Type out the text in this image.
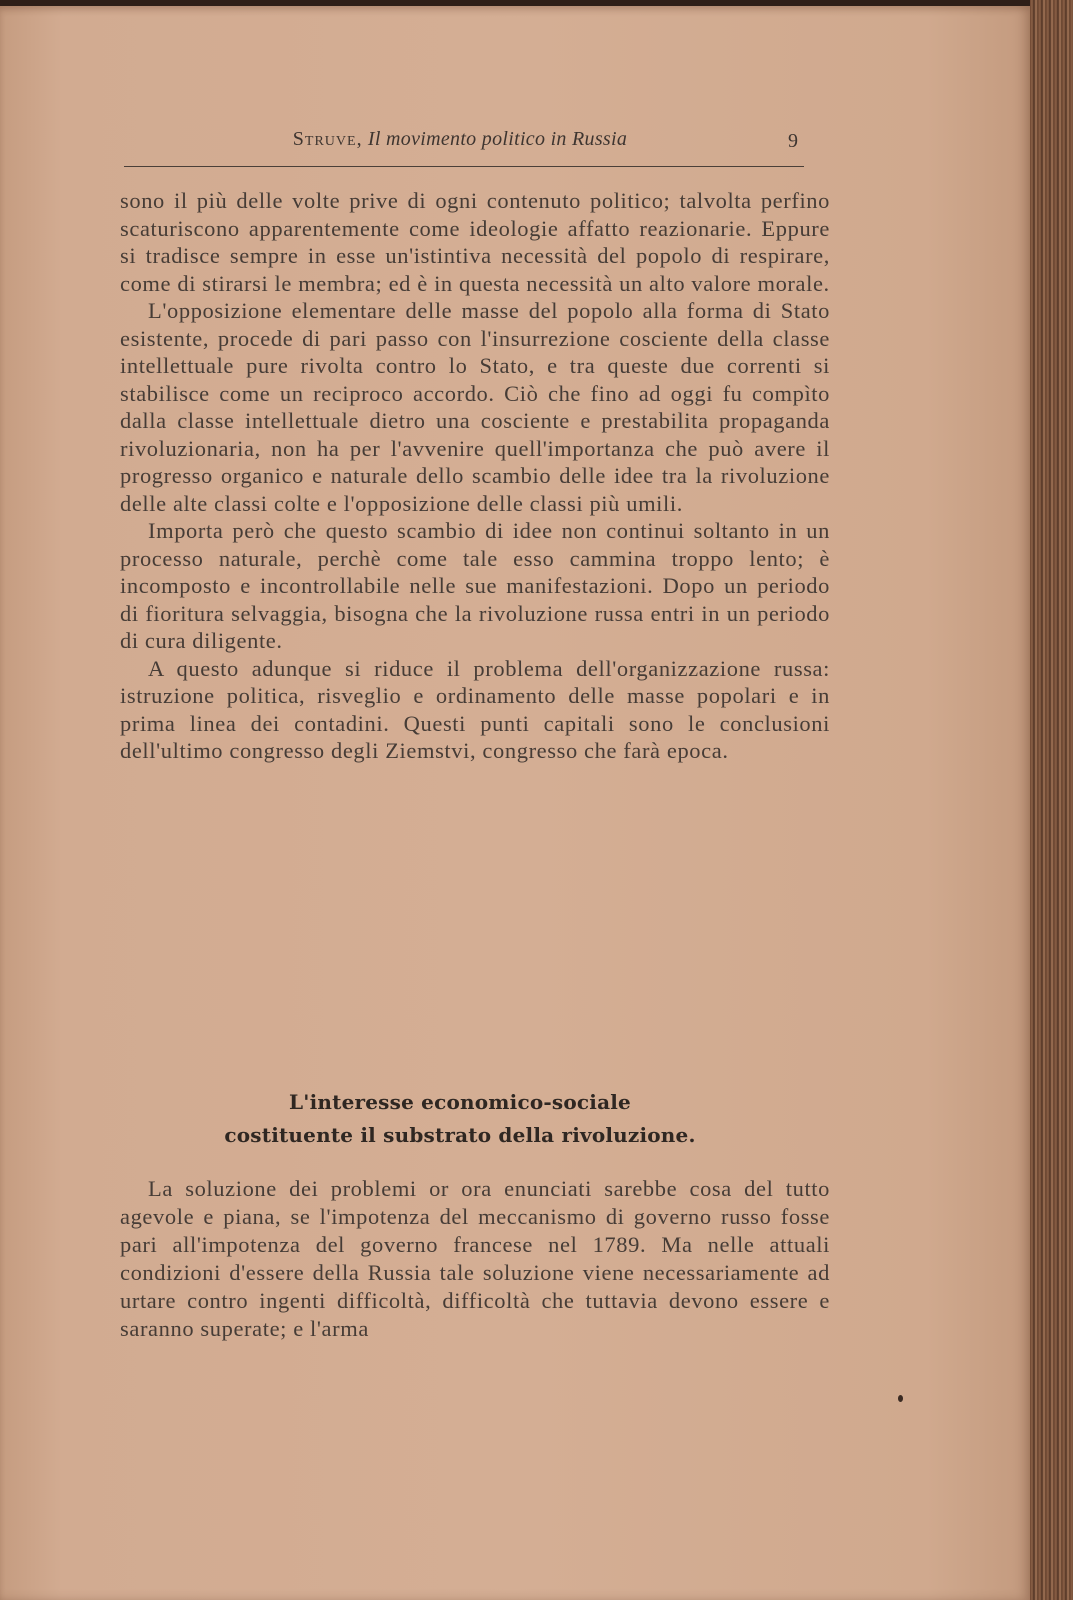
Struve, Il movimento politico in Russia	9

sono il più delle volte prive di ogni contenuto politico; talvolta perfino scaturiscono apparentemente come ideologie affatto reazionarie. Eppure si tradisce sempre in esse un'istintiva necessità del popolo di respirare, come di stirarsi le membra; ed è in questa necessità un alto valore morale.

L'opposizione elementare delle masse del popolo alla forma di Stato esistente, procede di pari passo con l'insurrezione cosciente della classe intellettuale pure rivolta contro lo Stato, e tra queste due correnti si stabilisce come un reciproco accordo. Ciò che fino ad oggi fu compìto dalla classe intellettuale dietro una cosciente e prestabilita propaganda rivoluzionaria, non ha per l'avvenire quell'importanza che può avere il progresso organico e naturale dello scambio delle idee tra la rivoluzione delle alte classi colte e l'opposizione delle classi più umili.

Importa però che questo scambio di idee non continui soltanto in un processo naturale, perchè come tale esso cammina troppo lento; è incomposto e incontrollabile nelle sue manifestazioni. Dopo un periodo di fioritura selvaggia, bisogna che la rivoluzione russa entri in un periodo di cura diligente.

A questo adunque si riduce il problema dell'organizzazione russa: istruzione politica, risveglio e ordinamento delle masse popolari e in prima linea dei contadini. Questi punti capitali sono le conclusioni dell'ultimo congresso degli Ziemstvi, congresso che farà epoca.

L'interesse economico-sociale
costituente il substrato della rivoluzione.

La soluzione dei problemi or ora enunciati sarebbe cosa del tutto agevole e piana, se l'impotenza del meccanismo di governo russo fosse pari all'impotenza del governo francese nel 1789. Ma nelle attuali condizioni d'essere della Russia tale soluzione viene necessariamente ad urtare contro ingenti difficoltà, difficoltà che tuttavia devono essere e saranno superate; e l'arma
